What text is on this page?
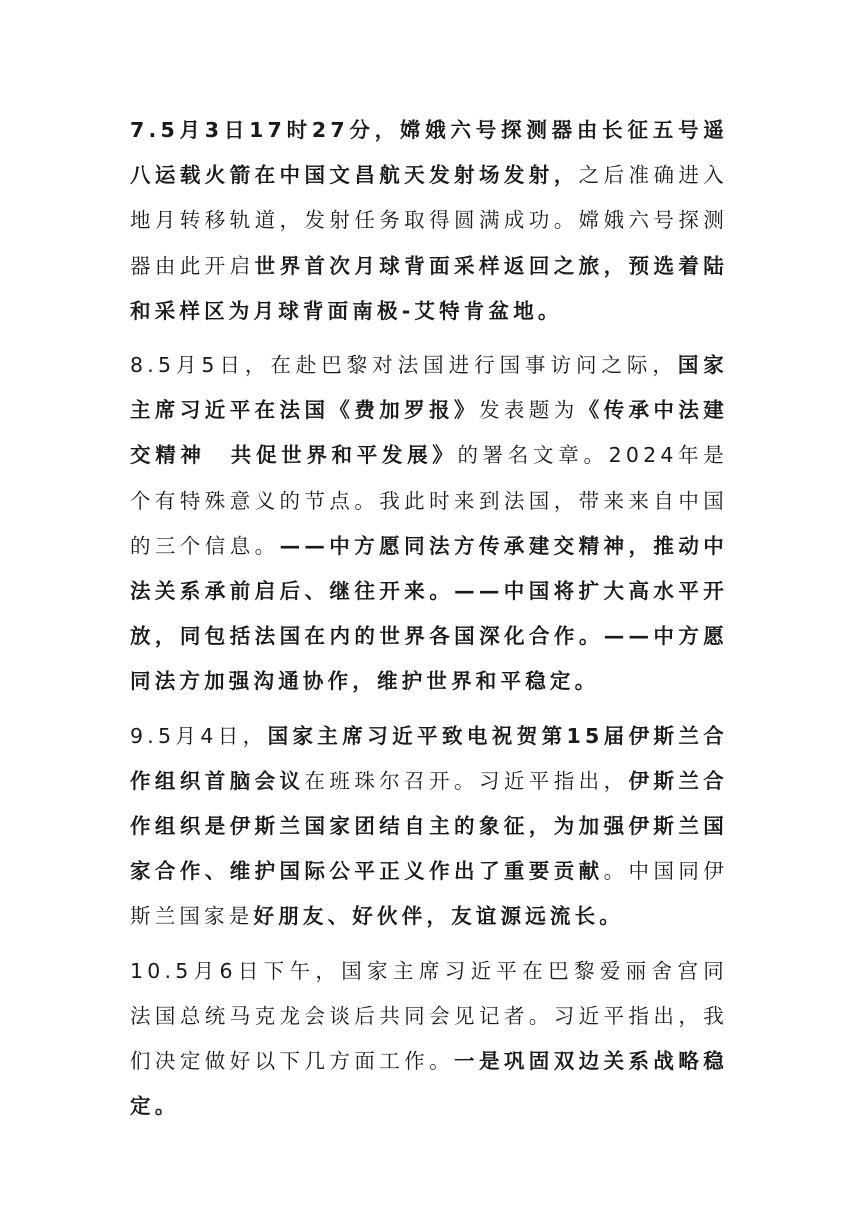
7.5月3日17时27分，嫦娥六号探测器由长征五号遥八运载火箭在中国文昌航天发射场发射，之后准确进入地月转移轨道，发射任务取得圆满成功。嫦娥六号探测器由此开启世界首次月球背面采样返回之旅，预选着陆和采样区为月球背面南极-艾特肯盆地。

8.5月5日，在赴巴黎对法国进行国事访问之际，国家主席习近平在法国《费加罗报》发表题为《传承中法建交精神　共促世界和平发展》的署名文章。2024年是个有特殊意义的节点。我此时来到法国，带来来自中国的三个信息。——中方愿同法方传承建交精神，推动中法关系承前启后、继往开来。——中国将扩大高水平开放，同包括法国在内的世界各国深化合作。——中方愿同法方加强沟通协作，维护世界和平稳定。

9.5月4日，国家主席习近平致电祝贺第15届伊斯兰合作组织首脑会议在班珠尔召开。习近平指出，伊斯兰合作组织是伊斯兰国家团结自主的象征，为加强伊斯兰国家合作、维护国际公平正义作出了重要贡献。中国同伊斯兰国家是好朋友、好伙伴，友谊源远流长。

10.5月6日下午，国家主席习近平在巴黎爱丽舍宫同法国总统马克龙会谈后共同会见记者。习近平指出，我们决定做好以下几方面工作。一是巩固双边关系战略稳定。
